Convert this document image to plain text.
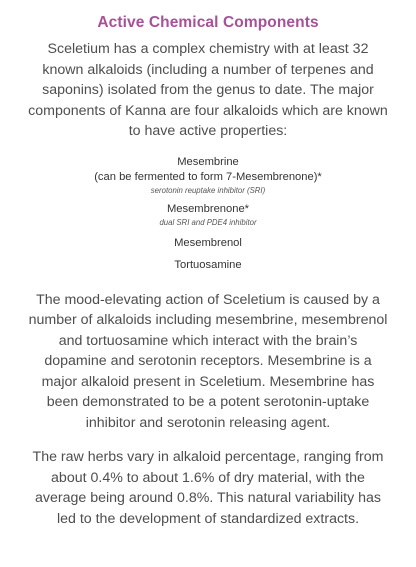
Active Chemical Components

Sceletium has a complex chemistry with at least 32 known alkaloids (including a number of terpenes and saponins) isolated from the genus to date. The major components of Kanna are four alkaloids which are known to have active properties:

Mesembrine

(can be fermented to form 7-Mesembrenone)*

serotonin reuptake inhibitor (SRI)

Mesembrenone*

dual SRI and PDE4 inhibitor

Mesembrenol

Tortuosamine

The mood-elevating action of Sceletium is caused by a number of alkaloids including mesembrine, mesembrenol and tortuosamine which interact with the brain’s dopamine and serotonin receptors. Mesembrine is a major alkaloid present in Sceletium. Mesembrine has been demonstrated to be a potent serotonin-uptake inhibitor and serotonin releasing agent.

The raw herbs vary in alkaloid percentage, ranging from about 0.4% to about 1.6% of dry material, with the average being around 0.8%. This natural variability has led to the development of standardized extracts.
